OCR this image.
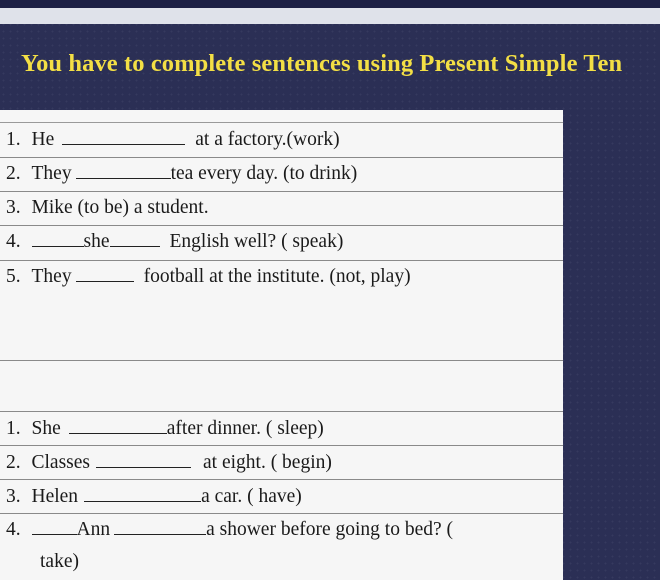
You have to complete sentences using Present Simple Ten
1. He	at a factory.(work)
2. They	tea every day. (to drink)
3. Mike (to be) a student.
4.	she	English well? ( speak)
5. They	football at the institute. (not, play)
1. She	after dinner. ( sleep)
2. Classes	at eight. ( begin)
3. Helen	a car. ( have)
4.	Ann	a shower before going to bed? (
take)
